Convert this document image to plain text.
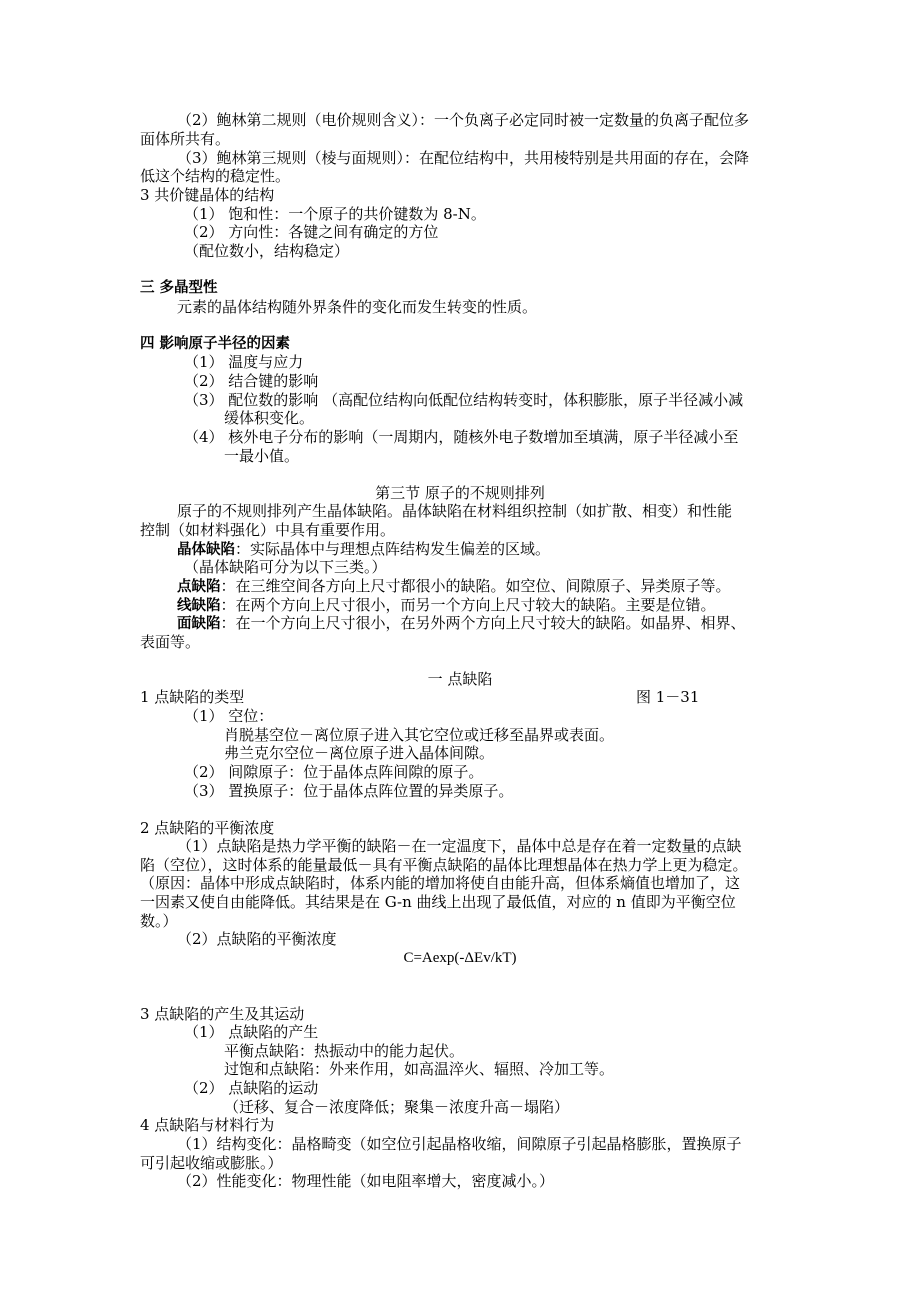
（2）鲍林第二规则（电价规则含义）：一个负离子必定同时被一定数量的负离子配位多
面体所共有。
（3）鲍林第三规则（棱与面规则）：在配位结构中，共用棱特别是共用面的存在，会降
低这个结构的稳定性。
3 共价键晶体的结构
（1） 饱和性：一个原子的共价键数为 8-N。
（2） 方向性：各键之间有确定的方位
（配位数小，结构稳定）
三 多晶型性
元素的晶体结构随外界条件的变化而发生转变的性质。
四 影响原子半径的因素
（1） 温度与应力
（2） 结合键的影响
（3） 配位数的影响 （高配位结构向低配位结构转变时，体积膨胀，原子半径减小减
缓体积变化。
（4） 核外电子分布的影响（一周期内，随核外电子数增加至填满，原子半径减小至
一最小值。
第三节 原子的不规则排列
原子的不规则排列产生晶体缺陷。晶体缺陷在材料组织控制（如扩散、相变）和性能
控制（如材料强化）中具有重要作用。
晶体缺陷：实际晶体中与理想点阵结构发生偏差的区域。
（晶体缺陷可分为以下三类。）
点缺陷：在三维空间各方向上尺寸都很小的缺陷。如空位、间隙原子、异类原子等。
线缺陷：在两个方向上尺寸很小，而另一个方向上尺寸较大的缺陷。主要是位错。
面缺陷：在一个方向上尺寸很小，在另外两个方向上尺寸较大的缺陷。如晶界、相界、
表面等。
一 点缺陷
1 点缺陷的类型	图 1－31
（1） 空位：
肖脱基空位－离位原子进入其它空位或迁移至晶界或表面。
弗兰克尔空位－离位原子进入晶体间隙。
（2） 间隙原子：位于晶体点阵间隙的原子。
（3） 置换原子：位于晶体点阵位置的异类原子。
2 点缺陷的平衡浓度
（1）点缺陷是热力学平衡的缺陷－在一定温度下，晶体中总是存在着一定数量的点缺
陷（空位），这时体系的能量最低－具有平衡点缺陷的晶体比理想晶体在热力学上更为稳定。
（原因：晶体中形成点缺陷时，体系内能的增加将使自由能升高，但体系熵值也增加了，这
一因素又使自由能降低。其结果是在 G-n 曲线上出现了最低值，对应的 n 值即为平衡空位
数。）
（2）点缺陷的平衡浓度
C=Aexp(-ΔEv/kT)
3 点缺陷的产生及其运动
（1） 点缺陷的产生
平衡点缺陷：热振动中的能力起伏。
过饱和点缺陷：外来作用，如高温淬火、辐照、冷加工等。
（2） 点缺陷的运动
（迁移、复合－浓度降低；聚集－浓度升高－塌陷）
4 点缺陷与材料行为
（1）结构变化：晶格畸变（如空位引起晶格收缩，间隙原子引起晶格膨胀，置换原子
可引起收缩或膨胀。）
（2）性能变化：物理性能（如电阻率增大，密度减小。）
